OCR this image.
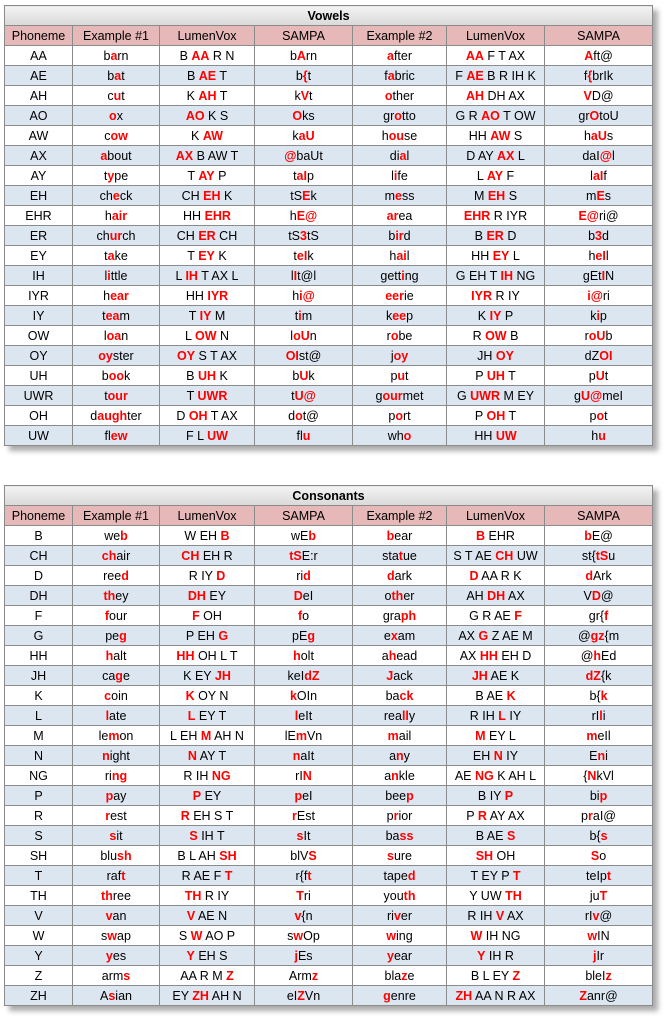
Vowels						
Phoneme	Example #1	LumenVox	SAMPA	Example #2	LumenVox	SAMPA
AA	barn	B AA R N	bArn	after	AA F T AX	Aft@
AE	bat	B AE T	b{t	fabric	F AE B R IH K	f{brIk
AH	cut	K AH T	kVt	other	AH DH AX	VD@
AO	ox	AO K S	Oks	grotto	G R AO T OW	grOtoU
AW	cow	K AW	kaU	house	HH AW S	haUs
AX	about	AX B AW T	@baUt	dial	D AY AX L	daI@l
AY	type	T AY P	taIp	life	L AY F	laIf
EH	check	CH EH K	tSEk	mess	M EH S	mEs
EHR	hair	HH EHR	hE@	area	EHR R IYR	E@ri@
ER	church	CH ER CH	tS3tS	bird	B ER D	b3d
EY	take	T EY K	teIk	hail	HH EY L	heIl
IH	little	L IH T AX L	lIt@l	getting	G EH T IH NG	gEtIN
IYR	hear	HH IYR	hi@	eerie	IYR R IY	i@ri
IY	team	T IY M	tim	keep	K IY P	kip
OW	loan	L OW N	loUn	robe	R OW B	roUb
OY	oyster	OY S T AX	OIst@	joy	JH OY	dZOI
UH	book	B UH K	bUk	put	P UH T	pUt
UWR	tour	T UWR	tU@	gourmet	G UWR M EY	gU@meI
OH	daughter	D OH T AX	dot@	port	P OH T	pot
UW	flew	F L UW	flu	who	HH UW	hu
Consonants						
Phoneme	Example #1	LumenVox	SAMPA	Example #2	LumenVox	SAMPA
B	web	W EH B	wEb	bear	B EHR	bE@
CH	chair	CH EH R	tSE:r	statue	S T AE CH UW	st{tSu
D	reed	R IY D	rid	dark	D AA R K	dArk
DH	they	DH EY	DeI	other	AH DH AX	VD@
F	four	F OH	fo	graph	G R AE F	gr{f
G	peg	P EH G	pEg	exam	AX G Z AE M	@gz{m
HH	halt	HH OH L T	holt	ahead	AX HH EH D	@hEd
JH	cage	K EY JH	keIdZ	Jack	JH AE K	dZ{k
K	coin	K OY N	kOIn	back	B AE K	b{k
L	late	L EY T	leIt	really	R IH L IY	rIli
M	lemon	L EH M AH N	lEmVn	mail	M EY L	meIl
N	night	N AY T	naIt	any	EH N IY	Eni
NG	ring	R IH NG	rIN	ankle	AE NG K AH L	{NkVl
P	pay	P EY	peI	beep	B IY P	bip
R	rest	R EH S T	rEst	prior	P R AY AX	praI@
S	sit	S IH T	sIt	bass	B AE S	b{s
SH	blush	B L AH SH	blVS	sure	SH OH	So
T	raft	R AE F T	r{ft	taped	T EY P T	teIpt
TH	three	TH R IY	Tri	youth	Y UW TH	juT
V	van	V AE N	v{n	river	R IH V AX	rIv@
W	swap	S W AO P	swOp	wing	W IH NG	wIN
Y	yes	Y EH S	jEs	year	Y IH R	jIr
Z	arms	AA R M Z	Armz	blaze	B L EY Z	bleIz
ZH	Asian	EY ZH AH N	eIZVn	genre	ZH AA N R AX	Zanr@
